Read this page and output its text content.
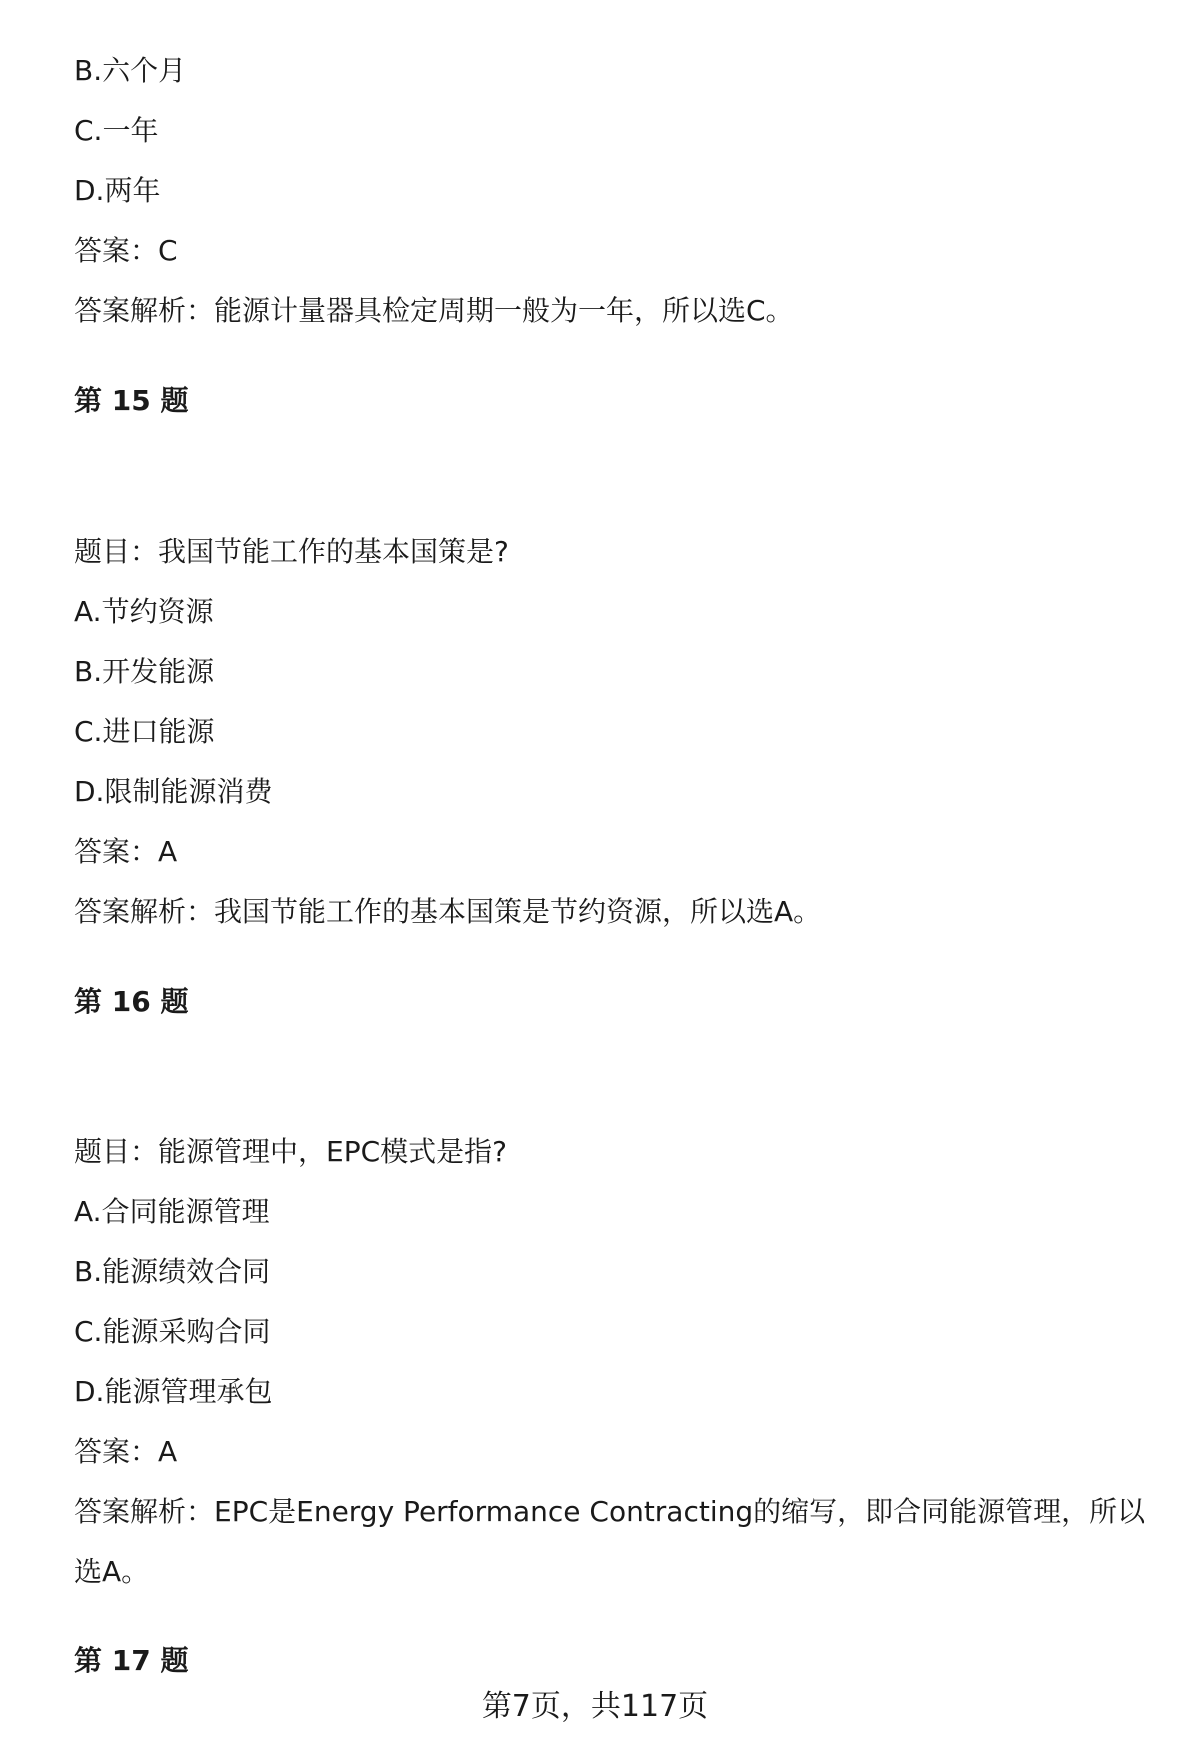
B.六个月
C.一年
D.两年
答案：C
答案解析：能源计量器具检定周期一般为一年，所以选C。
第 15 题
题目：我国节能工作的基本国策是?
A.节约资源
B.开发能源
C.进口能源
D.限制能源消费
答案：A
答案解析：我国节能工作的基本国策是节约资源，所以选A。
第 16 题
题目：能源管理中，EPC模式是指?
A.合同能源管理
B.能源绩效合同
C.能源采购合同
D.能源管理承包
答案：A
答案解析：EPC是Energy Performance Contracting的缩写，即合同能源管理，所以选A。
第 17 题
第7页，共117页
